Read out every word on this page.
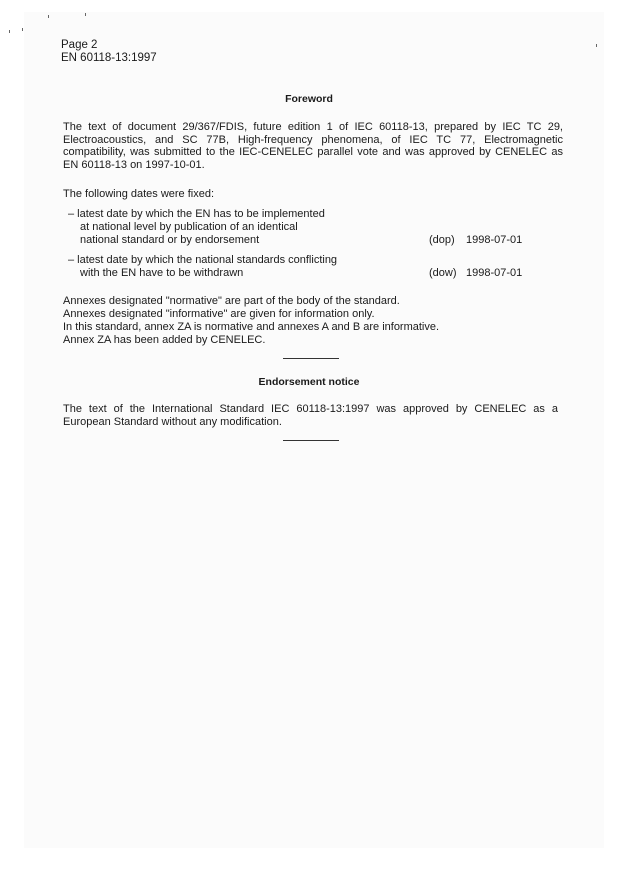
Page 2
EN 60118-13:1997
Foreword
The text of document 29/367/FDIS, future edition 1 of IEC 60118-13, prepared by IEC TC 29, Electroacoustics, and SC 77B, High-frequency phenomena, of IEC TC 77, Electromagnetic compatibility, was submitted to the IEC-CENELEC parallel vote and was approved by CENELEC as EN 60118-13 on 1997-10-01.
The following dates were fixed:
– latest date by which the EN has to be implemented
at national level by publication of an identical
national standard or by endorsement	(dop) 1998-07-01
– latest date by which the national standards conflicting
with the EN have to be withdrawn	(dow) 1998-07-01
Annexes designated "normative" are part of the body of the standard.
Annexes designated "informative" are given for information only.
In this standard, annex ZA is normative and annexes A and B are informative.
Annex ZA has been added by CENELEC.
Endorsement notice
The text of the International Standard IEC 60118-13:1997 was approved by CENELEC as a European Standard without any modification.
